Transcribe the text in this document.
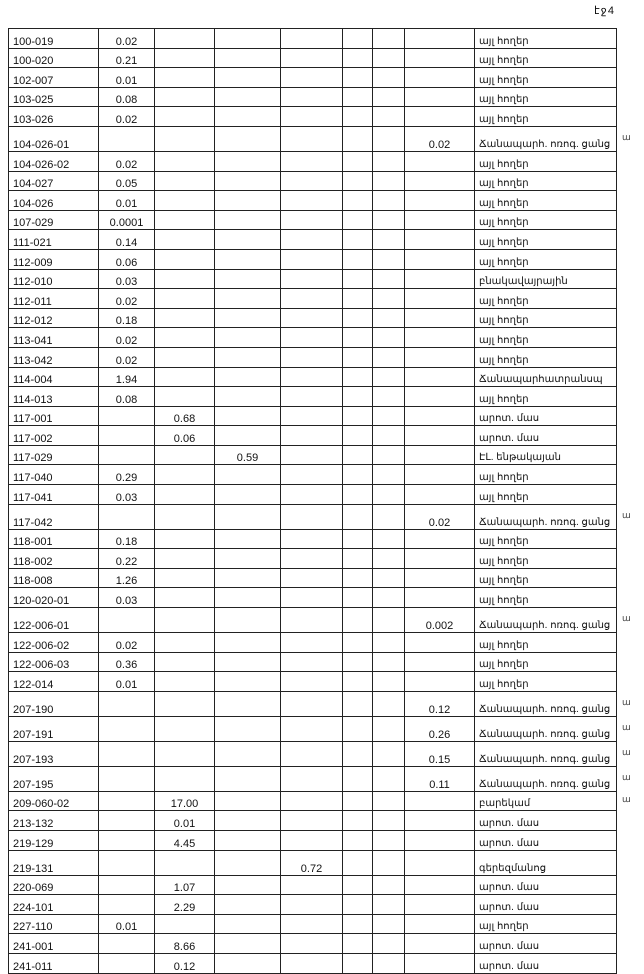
էջ4
100-019	0.02							այլ հողեր
100-020	0.21							այլ հողեր
102-007	0.01							այլ հողեր
103-025	0.08							այլ հողեր
103-026	0.02							այլ հողեր
104-026-01							0.02	Ճանապարհ. ոռոգ. ցանց
104-026-02	0.02							այլ հողեր
104-027	0.05							այլ հողեր
104-026	0.01							այլ հողեր
107-029	0.0001							այլ հողեր
111-021	0.14							այլ հողեր
112-009	0.06							այլ հողեր
112-010	0.03							բնակավայրային
112-011	0.02							այլ հողեր
112-012	0.18							այլ հողեր
113-041	0.02							այլ հողեր
113-042	0.02							այլ հողեր
114-004	1.94							Ճանապարհատրանսպ
114-013	0.08							այլ հողեր
117-001		0.68						արոտ. մաս
117-002		0.06						արոտ. մաս
117-029			0.59					ԷԼ. ենթակայան
117-040	0.29							այլ հողեր
117-041	0.03							այլ հողեր
117-042							0.02	Ճանապարհ. ոռոգ. ցանց
118-001	0.18							այլ հողեր
118-002	0.22							այլ հողեր
118-008	1.26							այլ հողեր
120-020-01	0.03							այլ հողեր
122-006-01							0.002	Ճանապարհ. ոռոգ. ցանց
122-006-02	0.02							այլ հողեր
122-006-03	0.36							այլ հողեր
122-014	0.01							այլ հողեր
207-190							0.12	Ճանապարհ. ոռոգ. ցանց
207-191							0.26	Ճանապարհ. ոռոգ. ցանց
207-193							0.15	Ճանապարհ. ոռոգ. ցանց
207-195							0.11	Ճանապարհ. ոռոգ. ցանց
209-060-02		17.00						բարեկամ
213-132		0.01						արոտ. մաս
219-129		4.45						արոտ. մաս
219-131				0.72				գերեզմանոց
220-069		1.07						արոտ. մաս
224-101		2.29						արոտ. մաս
227-110	0.01							այլ հողեր
241-001		8.66						արոտ. մաս
241-011		0.12						արոտ. մաս
ա
ա
ա
ա
ա
ա
ա
ա
